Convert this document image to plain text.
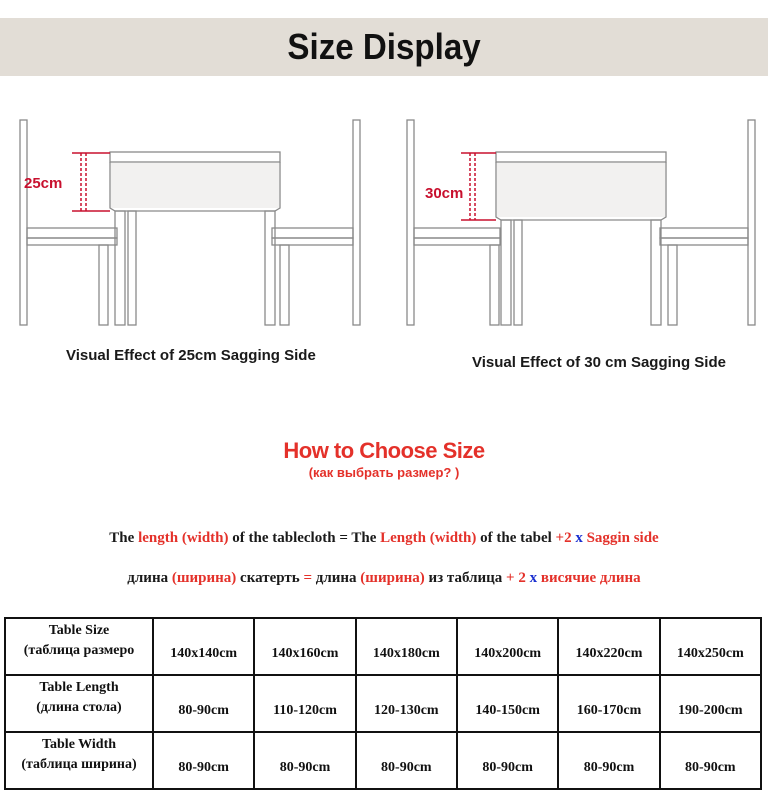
Size Display
25cm
Visual Effect of 25cm Sagging Side
30cm
Visual Effect of 30 cm Sagging Side
How to Choose Size
(как выбрать размер? )
The length (width) of the tablecloth = The Length (width) of the tabel +2 x Saggin side
длина (ширина) скатерть = длина (ширина) из таблица + 2 x висячие длина
Table Size
(таблица размеро	140x140cm	140x160cm	140x180cm	140x200cm	140x220cm	140x250cm

Table Length
(длина стола)	80-90cm	110-120cm	120-130cm	140-150cm	160-170cm	190-200cm

Table Width
(таблица ширина)	80-90cm	80-90cm	80-90cm	80-90cm	80-90cm	80-90cm
